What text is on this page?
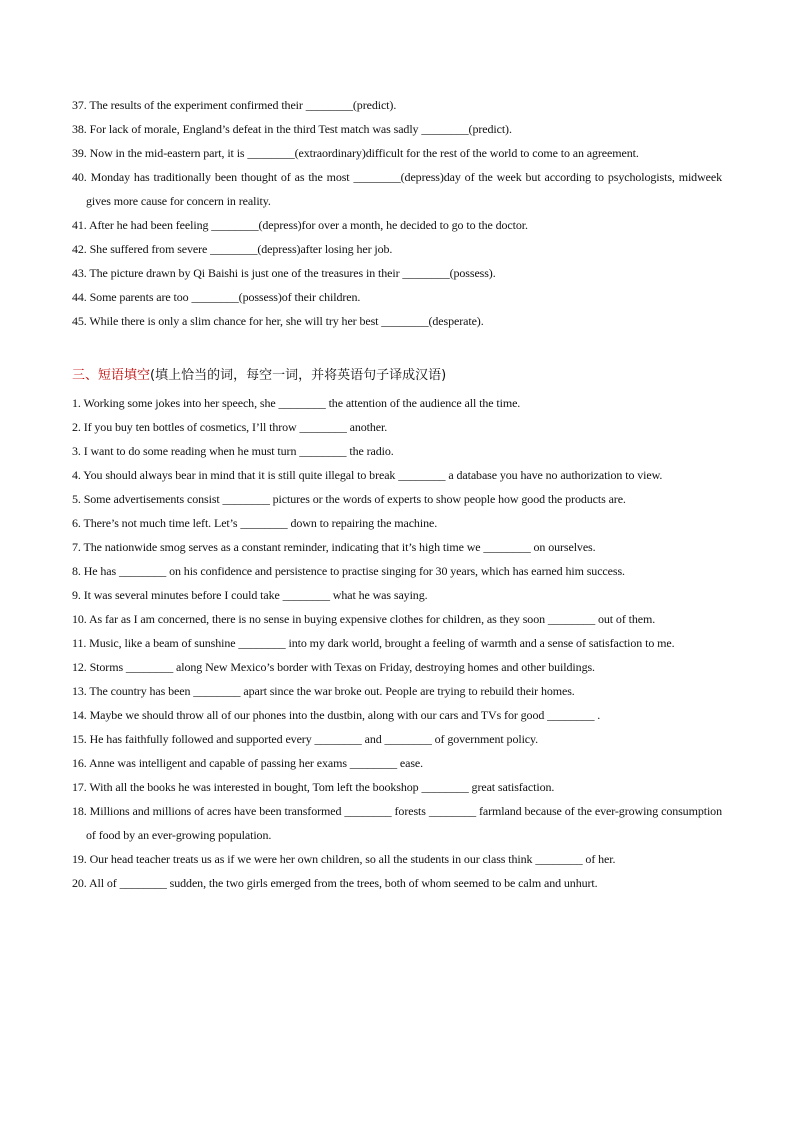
37. The results of the experiment confirmed their ________(predict).
38. For lack of morale, England’s defeat in the third Test match was sadly ________(predict).
39. Now in the mid-eastern part, it is ________(extraordinary)difficult for the rest of the world to come to an agreement.
40. Monday has traditionally been thought of as the most ________(depress)day of the week but according to psychologists, midweek gives more cause for concern in reality.
41. After he had been feeling ________(depress)for over a month, he decided to go to the doctor.
42. She suffered from severe ________(depress)after losing her job.
43. The picture drawn by Qi Baishi is just one of the treasures in their ________(possess).
44. Some parents are too ________(possess)of their children.
45. While there is only a slim chance for her, she will try her best ________(desperate).
三、短语填空(填上恰当的词，每空一词，并将英语句子译成汉语)
1. Working some jokes into her speech, she ________ the attention of the audience all the time.
2. If you buy ten bottles of cosmetics, I’ll throw ________ another.
3. I want to do some reading when he must turn ________ the radio.
4. You should always bear in mind that it is still quite illegal to break ________ a database you have no authorization to view.
5. Some advertisements consist ________ pictures or the words of experts to show people how good the products are.
6. There’s not much time left. Let’s ________ down to repairing the machine.
7. The nationwide smog serves as a constant reminder, indicating that it’s high time we ________ on ourselves.
8. He has ________ on his confidence and persistence to practise singing for 30 years, which has earned him success.
9. It was several minutes before I could take ________ what he was saying.
10. As far as I am concerned, there is no sense in buying expensive clothes for children, as they soon ________ out of them.
11. Music, like a beam of sunshine ________ into my dark world, brought a feeling of warmth and a sense of satisfaction to me.
12. Storms ________ along New Mexico’s border with Texas on Friday, destroying homes and other buildings.
13. The country has been ________ apart since the war broke out. People are trying to rebuild their homes.
14. Maybe we should throw all of our phones into the dustbin, along with our cars and TVs for good ________ .
15. He has faithfully followed and supported every ________ and ________ of government policy.
16. Anne was intelligent and capable of passing her exams ________ ease.
17. With all the books he was interested in bought, Tom left the bookshop ________ great satisfaction.
18. Millions and millions of acres have been transformed ________ forests ________ farmland because of the ever-growing consumption of food by an ever-growing population.
19. Our head teacher treats us as if we were her own children, so all the students in our class think ________ of her.
20. All of ________ sudden, the two girls emerged from the trees, both of whom seemed to be calm and unhurt.
